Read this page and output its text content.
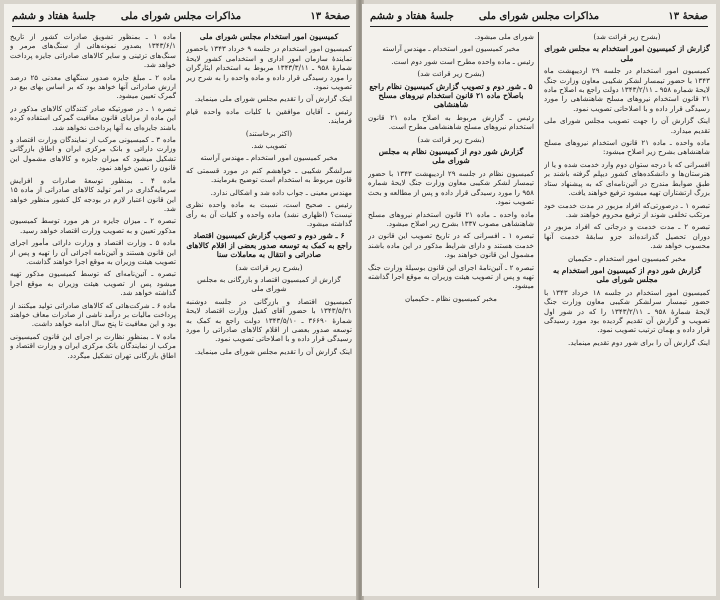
صفحهٔ ۱۳
مذاکرات مجلس شورای ملی
جلسهٔ هفتاد و ششم

کمیسیون امور استخدام مجلس شورای ملی

کمیسیون امور استخدام در جلسه ۹ خرداد ۱۳۴۳ باحضور نمایندهٔ سازمان امور اداری و استخدامی کشور لایحهٔ شمارهٔ ۹۵۸ ـ ۱۳۴۳/۳/۱۱ مربوط به استخدام ایثارگران را مورد رسیدگی قرار داده و ماده واحده را به شرح زیر تصویب نمود.

اینک گزارش آن را تقدیم مجلس شورای ملی مینماید.

رئیس ـ آقایان موافقین با کلیات ماده واحده قیام فرمایند.

(اکثر برخاستند)

تصویب شد.

مخبر کمیسیون امور استخدام ـ مهندس آراسته

سرلشگر شکیبی ـ خواهشم کنم در مورد قسمتی که قانون مربوط به استخدام است توضیح بفرمایند.

مهندس معینی ـ جواب داده شد و اشکالی ندارد.

رئیس ـ صحیح است، نسبت به ماده واحده نظری نیست؟ (اظهاری نشد) ماده واحده و کلیات آن به رأی گذاشته میشود.

۶ ـ شور دوم و تصویب گزارش کمیسیون اقتصاد راجع به کمک به توسعه صدور بعضی از اقلام کالاهای صادراتی و انتقال به معاملات سنا

(بشرح زیر قرائت شد)

گزارش از کمیسیون اقتصاد و بازرگانی به مجلس شورای ملی

کمیسیون اقتصاد و بازرگانی در جلسه دوشنبه ۱۳۴۳/۵/۲۱ با حضور آقای کفیل وزارت اقتصاد لایحهٔ شمارهٔ ۳۶۶۹۰ ـ ۱۳۴۳/۵/۱۰ دولت راجع به کمک به توسعه صدور بعضی از اقلام کالاهای صادراتی را مورد رسیدگی قرار داده و با اصلاحاتی تصویب نمود.

اینک گزارش آن را تقدیم مجلس شورای ملی مینماید.

ماده ۱ ـ بمنظور تشویق صادرات کشور از تاریخ ۱۳۴۳/۶/۱ بصدور نمونه‌هائی از سنگ‌های مرمر و سنگ‌های تزئینی و سایر کالاهای صادراتی جایزه پرداخت خواهد شد.

ماده ۲ ـ مبلغ جایزه صدور سنگهای معدنی ۲۵ درصد ارزش صادراتی آنها خواهد بود که بر اساس بهای بیع در گمرک تعیین میشود.

تبصره ۱ ـ در صورتیکه صادر کنندگان کالاهای مذکور در این ماده از مزایای قانون معافیت گمرکی استفاده کرده باشند جایزه‌ای به آنها پرداخت نخواهد شد.

ماده ۳ ـ کمیسیونی مرکب از نمایندگان وزارت اقتصاد و وزارت دارائی و بانک مرکزی ایران و اطاق بازرگانی تشکیل میشود که میزان جایزه و کالاهای مشمول این قانون را تعیین خواهد نمود.

ماده ۴ ـ بمنظور توسعهٔ صادرات و افزایش سرمایه‌گذاری در امر تولید کالاهای صادراتی از ماده ۱۵ این قانون اعتبار لازم در بودجه کل کشور منظور خواهد شد.

تبصره ۲ ـ میزان جایزه در هر مورد توسط کمیسیون مذکور تعیین و به تصویب وزارت اقتصاد خواهد رسید.

ماده ۵ ـ وزارت اقتصاد و وزارت دارائی مأمور اجرای این قانون هستند و آئین‌نامه اجرائی آن را تهیه و پس از تصویب هیئت وزیران به موقع اجرا خواهند گذاشت.

تبصره ـ آئین‌نامه‌ای که توسط کمیسیون مذکور تهیه میشود پس از تصویب هیئت وزیران به موقع اجرا گذاشته خواهد شد.

ماده ۶ ـ شرکت‌هائی که کالاهای صادراتی تولید میکنند از پرداخت مالیات بر درآمد ناشی از صادرات معاف خواهند بود و این معافیت تا پنج سال ادامه خواهد داشت.

ماده ۷ ـ بمنظور نظارت بر اجرای این قانون کمیسیونی مرکب از نمایندگان بانک مرکزی ایران و وزارت اقتصاد و اطاق بازرگانی تهران تشکیل میگردد.

صفحهٔ ۱۳
مذاکرات مجلس شورای ملی
جلسهٔ هفتاد و ششم

(بشرح زیر قرائت شد)

گزارش از کمیسیون امور استخدام به مجلس شورای ملی

کمیسیون امور استخدام در جلسه ۲۹ اردیبهشت ماه ۱۳۴۳ با حضور تیمسار لشکر شکیبی معاون وزارت جنگ لایحهٔ شماره ۹۵۸ ـ ۱۳۴۳/۲/۱۱ دولت راجع به اصلاح ماده ۲۱ قانون استخدام نیروهای مسلح شاهنشاهی را مورد رسیدگی قرار داده و با اصلاحاتی تصویب نمود.

اینک گزارش آن را جهت تصویب مجلس شورای ملی تقدیم میدارد.

ماده واحده ـ ماده ۲۱ قانون استخدام نیروهای مسلح شاهنشاهی بشرح زیر اصلاح میشود:

افسرانی که با درجه ستوان دوم وارد خدمت شده و یا از هنرستان‌ها و دانشکده‌های کشور دیپلم گرفته باشند بر طبق ضوابط مندرج در آئین‌نامه‌ای که به پیشنهاد ستاد بزرگ ارتشتاران تهیه میشود ترفیع خواهند یافت.

تبصره ۱ ـ درصورتی‌که افراد مزبور در مدت خدمت خود مرتکب تخلفی شوند از ترفیع محروم خواهند شد.

تبصره ۲ ـ مدت خدمت و درجاتی که افراد مزبور در دوران تحصیل گذرانده‌اند جزو سابقهٔ خدمت آنها محسوب خواهد شد.

مخبر کمیسیون امور استخدام ـ حکیمیان

گزارش شور دوم از کمیسیون امور استخدام به مجلس شورای ملی

کمیسیون امور استخدام در جلسه ۱۸ خرداد ۱۳۴۳ با حضور تیمسار سرلشکر شکیبی معاون وزارت جنگ لایحهٔ شمارهٔ ۹۵۸ ـ ۱۳۴۳/۲/۱۱ را که در شور اول تصویب و گزارش آن تقدیم گردیده بود مورد رسیدگی قرار داده و بهمان ترتیب تصویب نمود.

اینک گزارش آن را برای شور دوم تقدیم مینماید.

شورای ملی میشود.

مخبر کمیسیون امور استخدام ـ مهندس آراسته

رئیس ـ ماده واحده مطرح است شور دوم است.

(بشرح زیر قرائت شد)

۵ ـ شور دوم و تصویب گزارش کمیسیون نظام راجع باصلاح ماده ۲۱ قانون استخدام نیروهای مسلح شاهنشاهی

رئیس ـ گزارش مربوط به اصلاح ماده ۲۱ قانون استخدام نیروهای مسلح شاهنشاهی مطرح است.

(بشرح زیر قرائت شد)

گزارش شور دوم از کمیسیون نظام به مجلس شورای ملی

کمیسیون نظام در جلسه ۲۹ اردیبهشت ۱۳۴۳ با حضور تیمسار لشکر شکیبی معاون وزارت جنگ لایحهٔ شماره ۹۵۸ را مورد رسیدگی قرار داده و پس از مطالعه و بحث تصویب نمود.

ماده واحده ـ ماده ۲۱ قانون استخدام نیروهای مسلح شاهنشاهی مصوب ۱۳۳۷ بشرح زیر اصلاح میشود.

تبصره ۱ ـ افسرانی که در تاریخ تصویب این قانون در خدمت هستند و دارای شرایط مذکور در این ماده باشند مشمول این قانون خواهند بود.

تبصره ۲ ـ آئین‌نامهٔ اجرای این قانون بوسیلهٔ وزارت جنگ تهیه و پس از تصویب هیئت وزیران به موقع اجرا گذاشته میشود.

مخبر کمیسیون نظام ـ حکیمیان
